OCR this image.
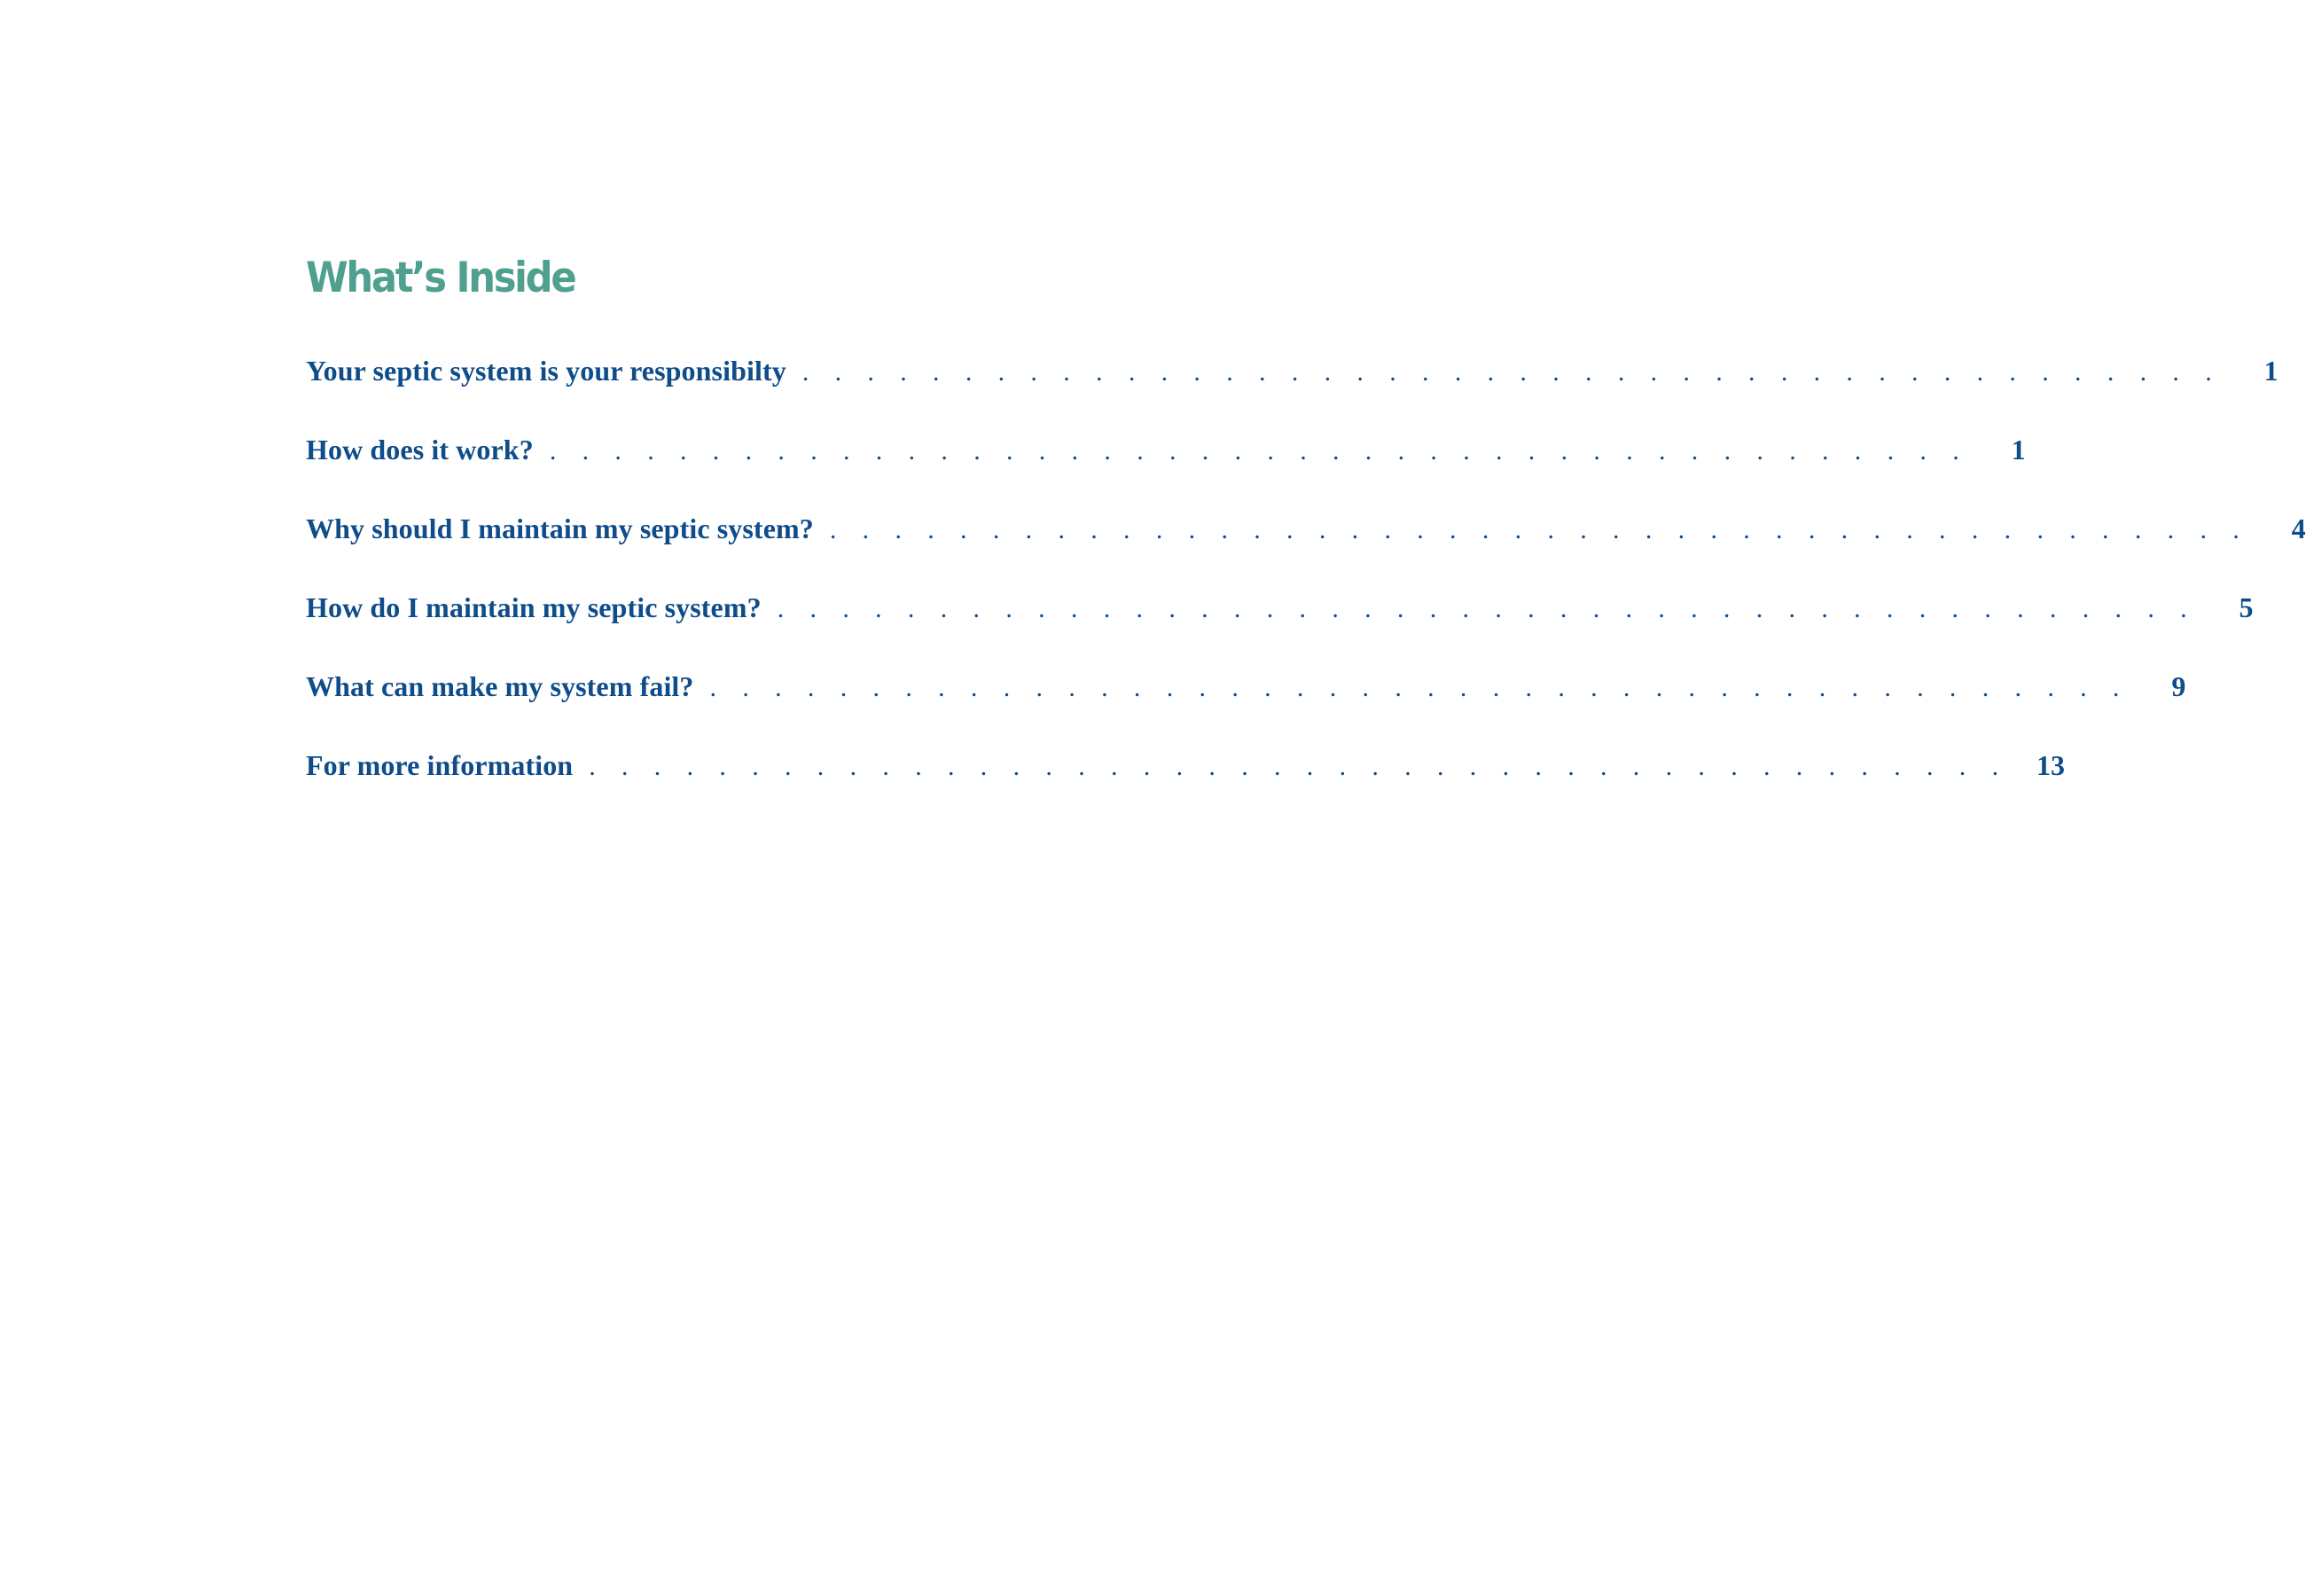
What’s Inside
Your septic system is your responsibilty . . . . . . . . . . . . . . . . . . . . . . . . . . . . . . . . . . . . . . . . . . . .	1
How does it work? . . . . . . . . . . . . . . . . . . . . . . . . . . . . . . . . . . . . . . . . . . . .	1
Why should I maintain my septic system? . . . . . . . . . . . . . . . . . . . . . . . . . . . . . . . . . . . . . . . . . . . .	4
How do I maintain my septic system? . . . . . . . . . . . . . . . . . . . . . . . . . . . . . . . . . . . . . . . . . . . .	5
What can make my system fail? . . . . . . . . . . . . . . . . . . . . . . . . . . . . . . . . . . . . . . . . . . . .	9
For more information . . . . . . . . . . . . . . . . . . . . . . . . . . . . . . . . . . . . . . . . . . . .	13
